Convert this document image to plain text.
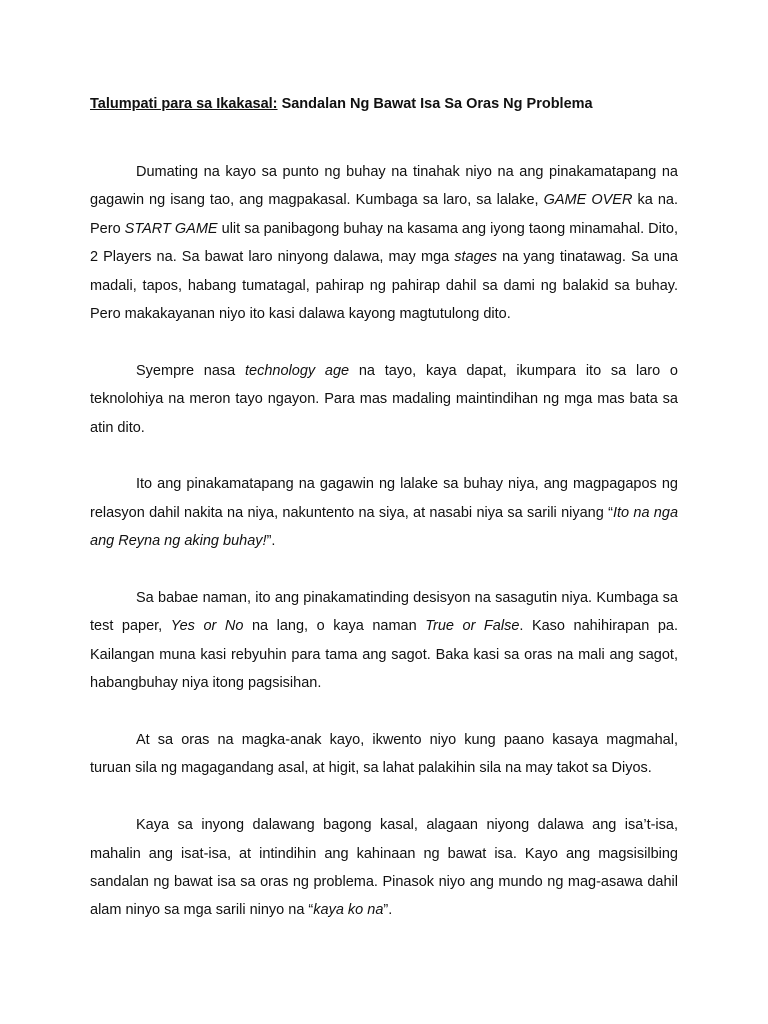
Talumpati para sa Ikakasal: Sandalan Ng Bawat Isa Sa Oras Ng Problema

Dumating na kayo sa punto ng buhay na tinahak niyo na ang pinakamatapang na gagawin ng isang tao, ang magpakasal. Kumbaga sa laro, sa lalake, GAME OVER ka na. Pero START GAME ulit sa panibagong buhay na kasama ang iyong taong minamahal. Dito, 2 Players na. Sa bawat laro ninyong dalawa, may mga stages na yang tinatawag. Sa una madali, tapos, habang tumatagal, pahirap ng pahirap dahil sa dami ng balakid sa buhay. Pero makakayanan niyo ito kasi dalawa kayong magtutulong dito.

Syempre nasa technology age na tayo, kaya dapat, ikumpara ito sa laro o teknolohiya na meron tayo ngayon. Para mas madaling maintindihan ng mga mas bata sa atin dito.

Ito ang pinakamatapang na gagawin ng lalake sa buhay niya, ang magpagapos ng relasyon dahil nakita na niya, nakuntento na siya, at nasabi niya sa sarili niyang “Ito na nga ang Reyna ng aking buhay!”.

Sa babae naman, ito ang pinakamatinding desisyon na sasagutin niya. Kumbaga sa test paper, Yes or No na lang, o kaya naman True or False. Kaso nahihirapan pa. Kailangan muna kasi rebyuhin para tama ang sagot. Baka kasi sa oras na mali ang sagot, habangbuhay niya itong pagsisihan.

At sa oras na magka-anak kayo, ikwento niyo kung paano kasaya magmahal, turuan sila ng magagandang asal, at higit, sa lahat palakihin sila na may takot sa Diyos.

Kaya sa inyong dalawang bagong kasal, alagaan niyong dalawa ang isa’t-isa, mahalin ang isat-isa, at intindihin ang kahinaan ng bawat isa. Kayo ang magsisilbing sandalan ng bawat isa sa oras ng problema. Pinasok niyo ang mundo ng mag-asawa dahil alam ninyo sa mga sarili ninyo na “kaya ko na”.
